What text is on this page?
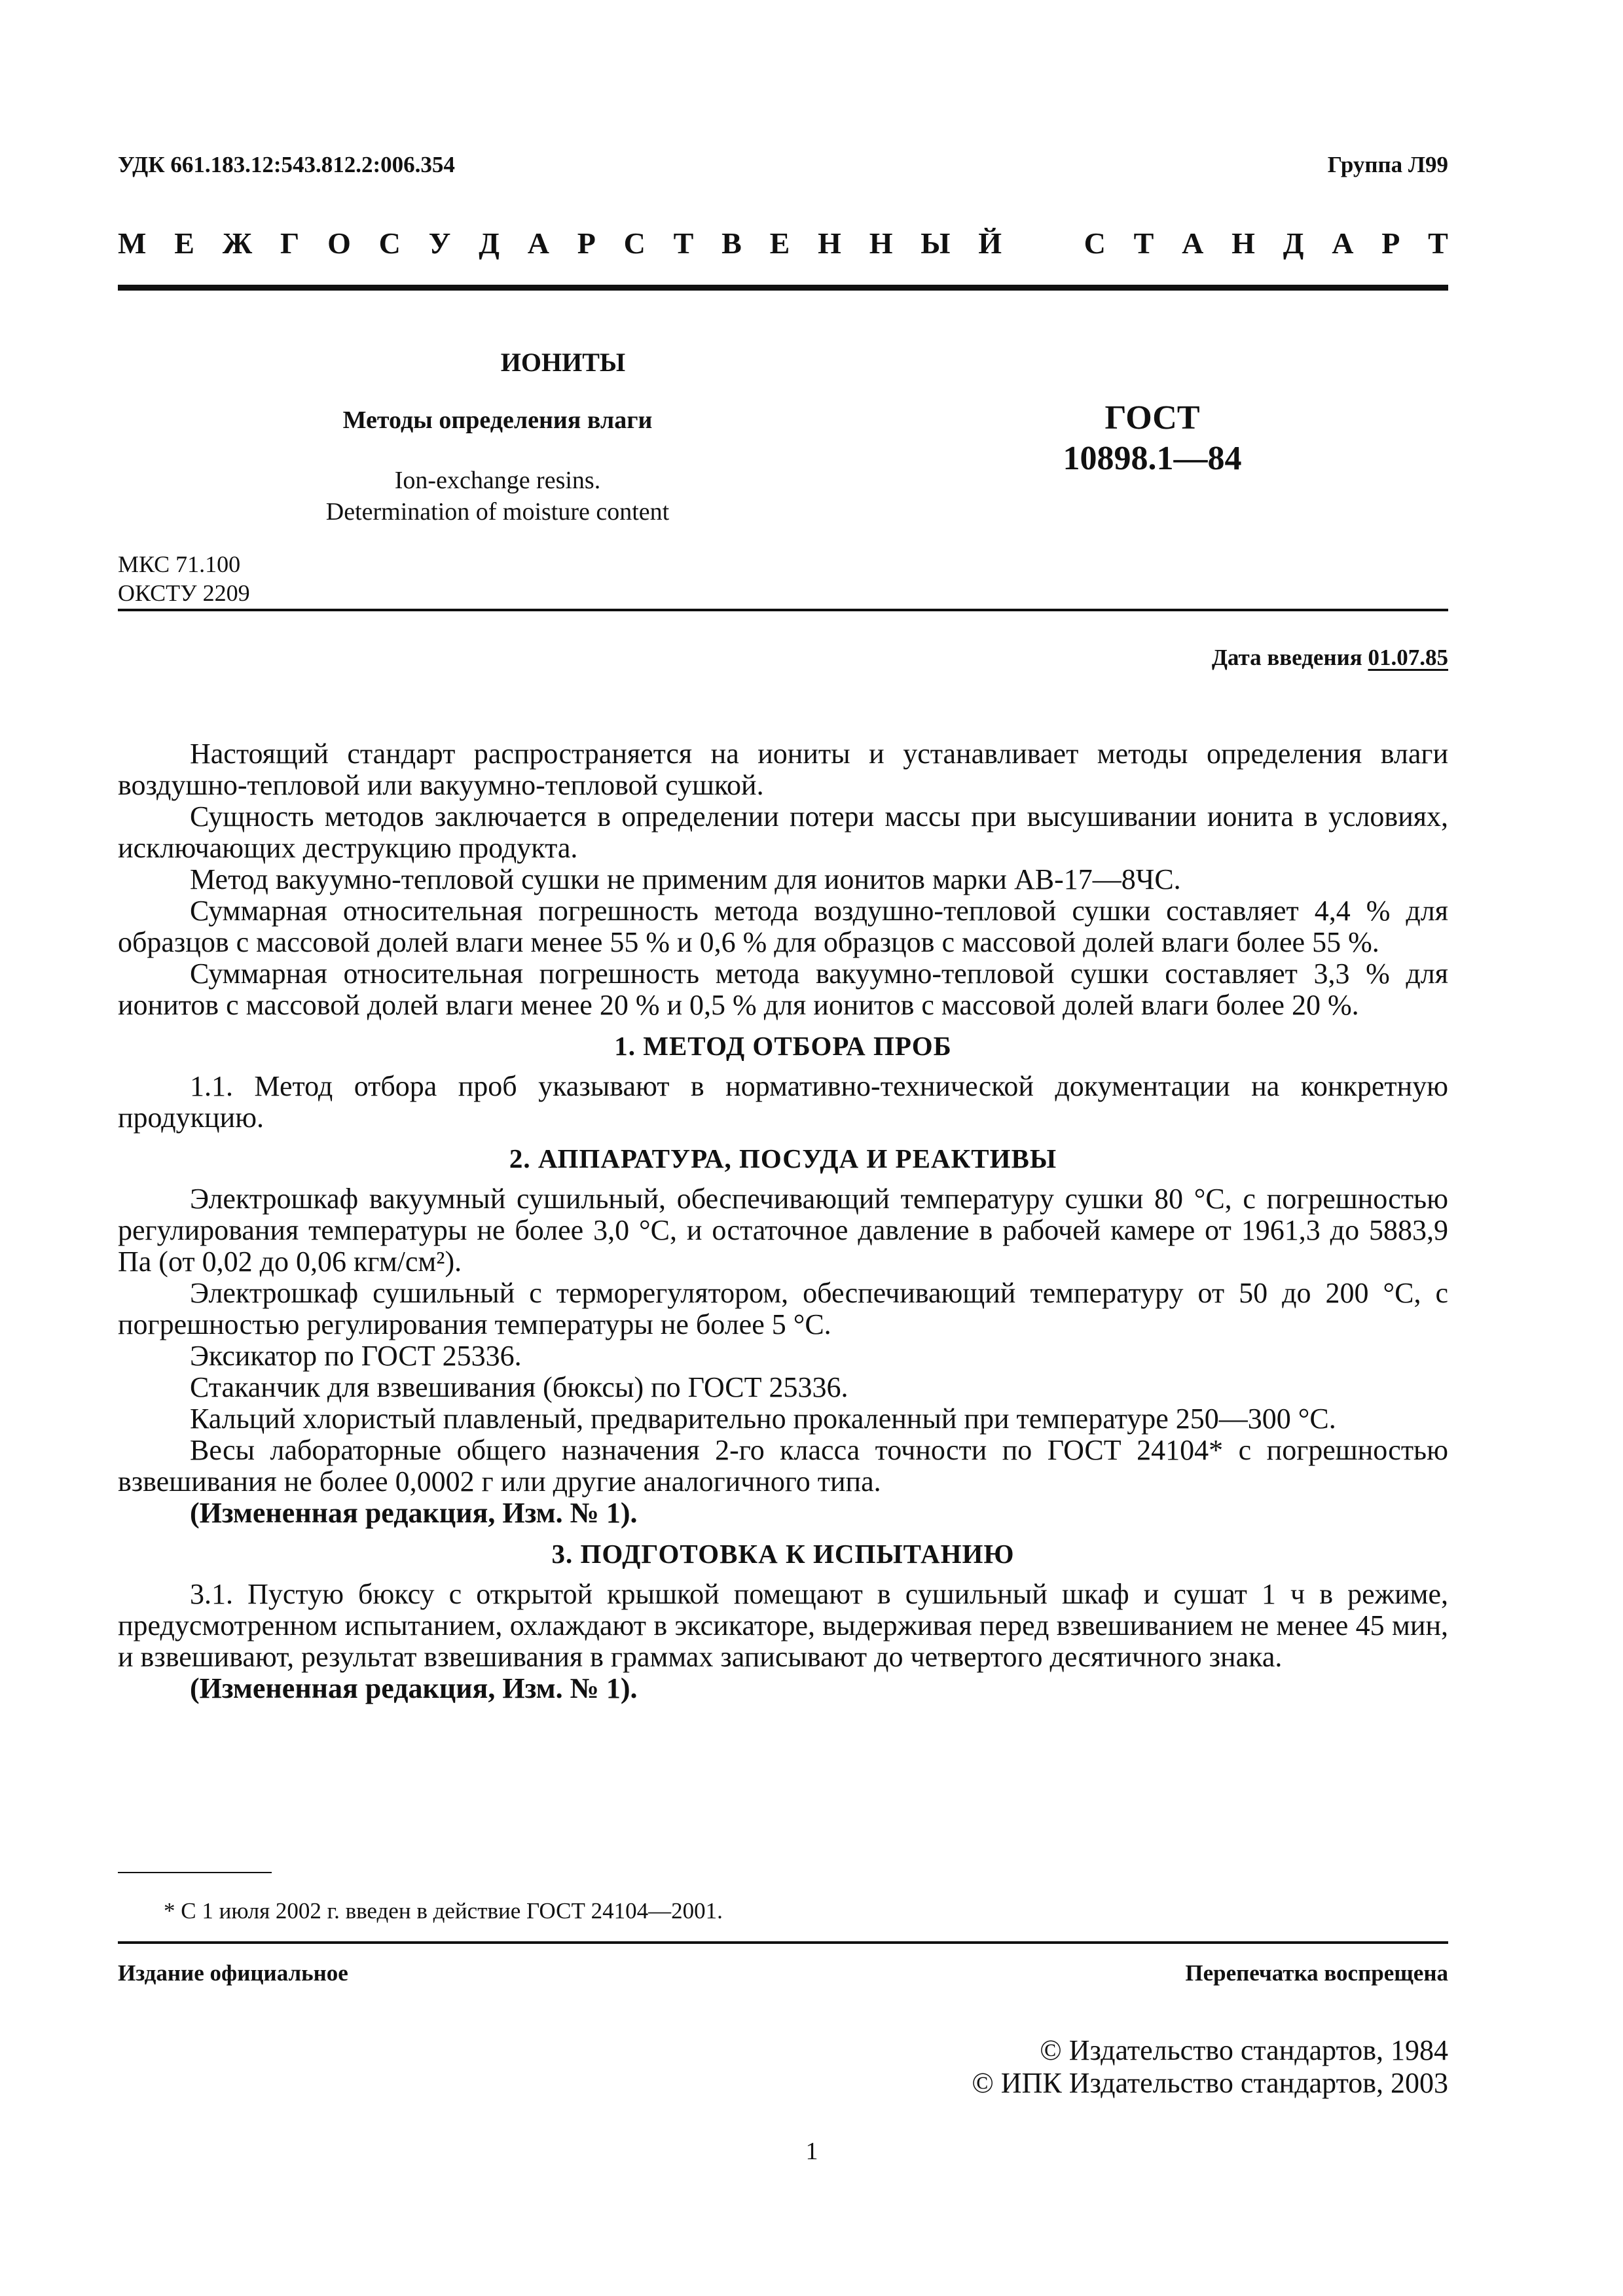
УДК 661.183.12:543.812.2:006.354	Группа Л99
М Е Ж Г О С У Д А Р С Т В Е Н Н Ы Й	С Т А Н Д А Р Т
ИОНИТЫ
Методы определения влаги
Ion-exchange resins.
Determination of moisture content
ГОСТ
10898.1—84
МКС 71.100
ОКСТУ 2209
Дата введения 01.07.85

Настоящий стандарт распространяется на иониты и устанавливает методы определения влаги воздушно-тепловой или вакуумно-тепловой сушкой.

Сущность методов заключается в определении потери массы при высушивании ионита в условиях, исключающих деструкцию продукта.

Метод вакуумно-тепловой сушки не применим для ионитов марки АВ-17—8ЧС.

Суммарная относительная погрешность метода воздушно-тепловой сушки составляет 4,4 % для образцов с массовой долей влаги менее 55 % и 0,6 % для образцов с массовой долей влаги более 55 %.

Суммарная относительная погрешность метода вакуумно-тепловой сушки составляет 3,3 % для ионитов с массовой долей влаги менее 20 % и 0,5 % для ионитов с массовой долей влаги более 20 %.

1. МЕТОД ОТБОРА ПРОБ

1.1. Метод отбора проб указывают в нормативно-технической документации на конкретную продукцию.

2. АППАРАТУРА, ПОСУДА И РЕАКТИВЫ

Электрошкаф вакуумный сушильный, обеспечивающий температуру сушки 80 °С, с погрешностью регулирования температуры не более 3,0 °С, и остаточное давление в рабочей камере от 1961,3 до 5883,9 Па (от 0,02 до 0,06 кгм/см²).

Электрошкаф сушильный с терморегулятором, обеспечивающий температуру от 50 до 200 °С, с погрешностью регулирования температуры не более 5 °С.

Эксикатор по ГОСТ 25336.

Стаканчик для взвешивания (бюксы) по ГОСТ 25336.

Кальций хлористый плавленый, предварительно прокаленный при температуре 250—300 °С.

Весы лабораторные общего назначения 2-го класса точности по ГОСТ 24104* с погрешностью взвешивания не более 0,0002 г или другие аналогичного типа.

(Измененная редакция, Изм. № 1).

3. ПОДГОТОВКА К ИСПЫТАНИЮ

3.1. Пустую бюксу с открытой крышкой помещают в сушильный шкаф и сушат 1 ч в режиме, предусмотренном испытанием, охлаждают в эксикаторе, выдерживая перед взвешиванием не менее 45 мин, и взвешивают, результат взвешивания в граммах записывают до четвертого десятичного знака.

(Измененная редакция, Изм. № 1).

* С 1 июля 2002 г. введен в действие ГОСТ 24104—2001.
Издание официальное	Перепечатка воспрещена
© Издательство стандартов, 1984
© ИПК Издательство стандартов, 2003
1
